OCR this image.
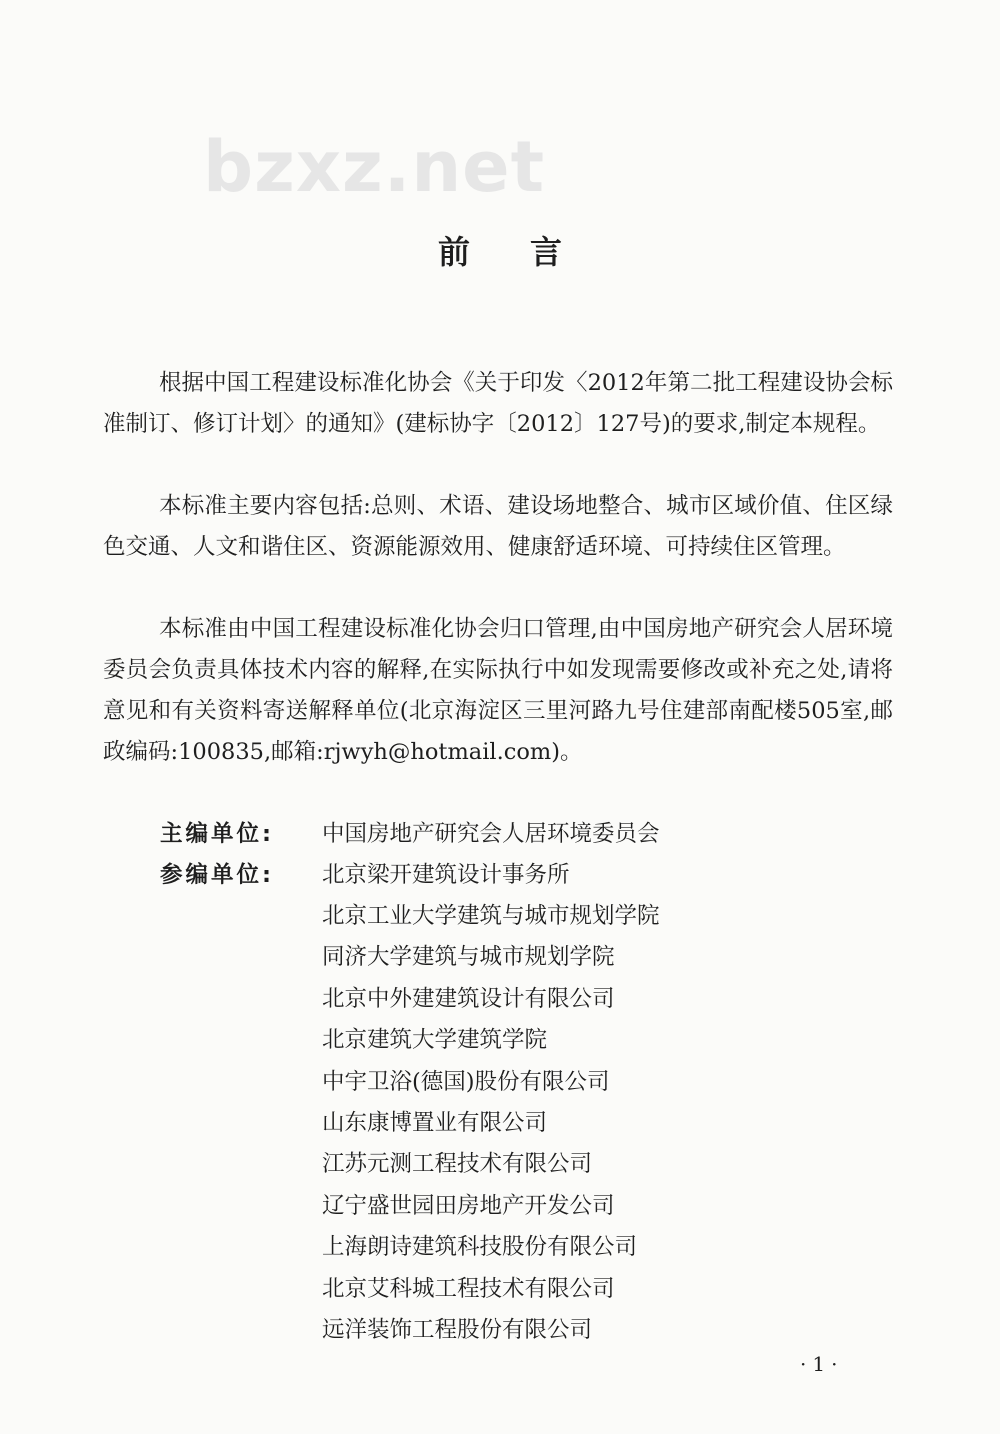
bzxz.net
前言

根据中国工程建设标准化协会《关于印发〈2012年第二批工程建设协会标准制订、修订计划〉的通知》(建标协字〔2012〕127号)的要求,制定本规程。

本标准主要内容包括:总则、术语、建设场地整合、城市区域价值、住区绿色交通、人文和谐住区、资源能源效用、健康舒适环境、可持续住区管理。

本标准由中国工程建设标准化协会归口管理,由中国房地产研究会人居环境委员会负责具体技术内容的解释,在实际执行中如发现需要修改或补充之处,请将意见和有关资料寄送解释单位(北京海淀区三里河路九号住建部南配楼505室,邮政编码:100835,邮箱:rjwyh@hotmail.com)。

主编单位: 中国房地产研究会人居环境委员会
参编单位: 北京梁开建筑设计事务所
北京工业大学建筑与城市规划学院
同济大学建筑与城市规划学院
北京中外建建筑设计有限公司
北京建筑大学建筑学院
中宇卫浴(德国)股份有限公司
山东康博置业有限公司
江苏元测工程技术有限公司
辽宁盛世园田房地产开发公司
上海朗诗建筑科技股份有限公司
北京艾科城工程技术有限公司
远洋装饰工程股份有限公司
·1·
